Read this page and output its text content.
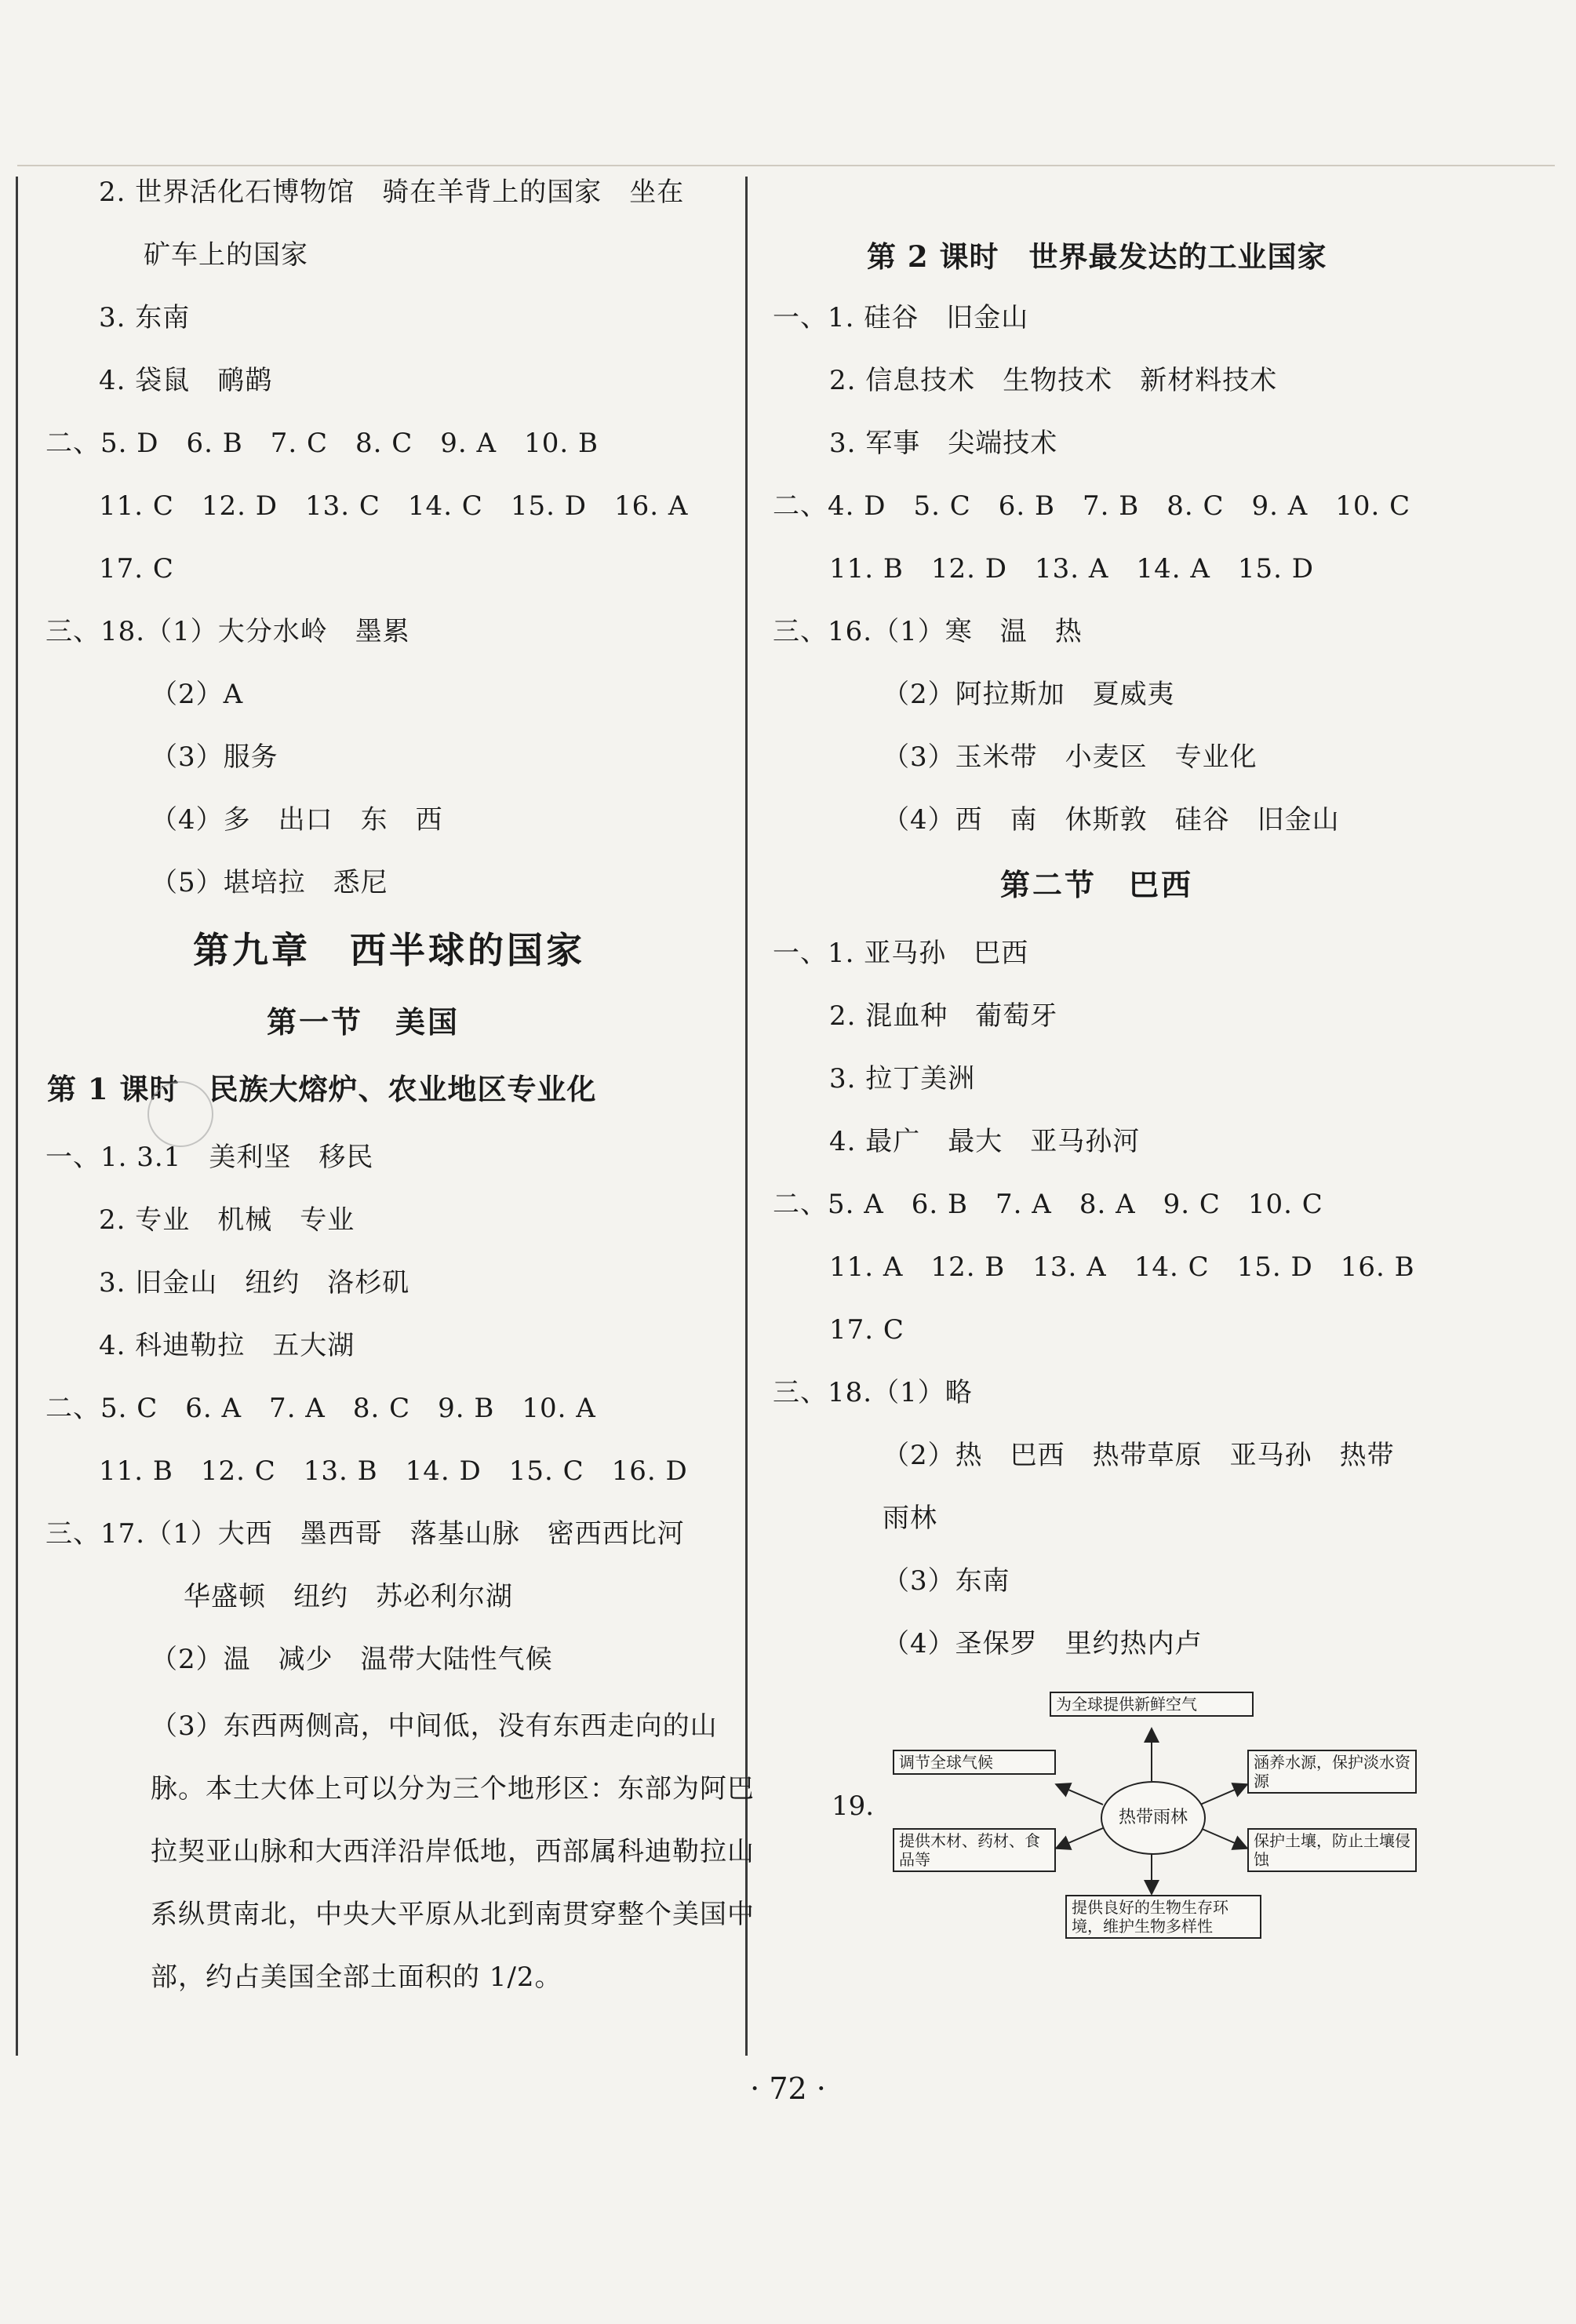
2. 世界活化石博物馆　骑在羊背上的国家　坐在
矿车上的国家
3. 东南
4. 袋鼠　鸸鹋
二、5. D　6. B　7. C　8. C　9. A　10. B
11. C　12. D　13. C　14. C　15. D　16. A
17. C
三、18.（1）大分水岭　墨累
（2）A
（3）服务
（4）多　出口　东　西
（5）堪培拉　悉尼
第九章　西半球的国家
第一节　美国
第 1 课时　民族大熔炉、农业地区专业化
一、1. 3.1　美利坚　移民
2. 专业　机械　专业
3. 旧金山　纽约　洛杉矶
4. 科迪勒拉　五大湖
二、5. C　6. A　7. A　8. C　9. B　10. A
11. B　12. C　13. B　14. D　15. C　16. D
三、17.（1）大西　墨西哥　落基山脉　密西西比河
华盛顿　纽约　苏必利尔湖
（2）温　减少　温带大陆性气候
（3）东西两侧高，中间低，没有东西走向的山脉。本土大体上可以分为三个地形区：东部为阿巴拉契亚山脉和大西洋沿岸低地，西部属科迪勒拉山系纵贯南北，中央大平原从北到南贯穿整个美国中部，约占美国全部土面积的 1/2。
第 2 课时　世界最发达的工业国家
一、1. 硅谷　旧金山
2. 信息技术　生物技术　新材料技术
3. 军事　尖端技术
二、4. D　5. C　6. B　7. B　8. C　9. A　10. C
11. B　12. D　13. A　14. A　15. D
三、16.（1）寒　温　热
（2）阿拉斯加　夏威夷
（3）玉米带　小麦区　专业化
（4）西　南　休斯敦　硅谷　旧金山
第二节　巴西
一、1. 亚马孙　巴西
2. 混血种　葡萄牙
3. 拉丁美洲
4. 最广　最大　亚马孙河
二、5. A　6. B　7. A　8. A　9. C　10. C
11. A　12. B　13. A　14. C　15. D　16. B
17. C
三、18.（1）略
（2）热　巴西　热带草原　亚马孙　热带
雨林
（3）东南
（4）圣保罗　里约热内卢
19.	热带雨林
为全球提供新鲜空气
调节全球气候
提供木材、药材、食品等
涵养水源，保护淡水资源
保护土壤，防止土壤侵蚀
提供良好的生物生存环境，维护生物多样性
· 72 ·
